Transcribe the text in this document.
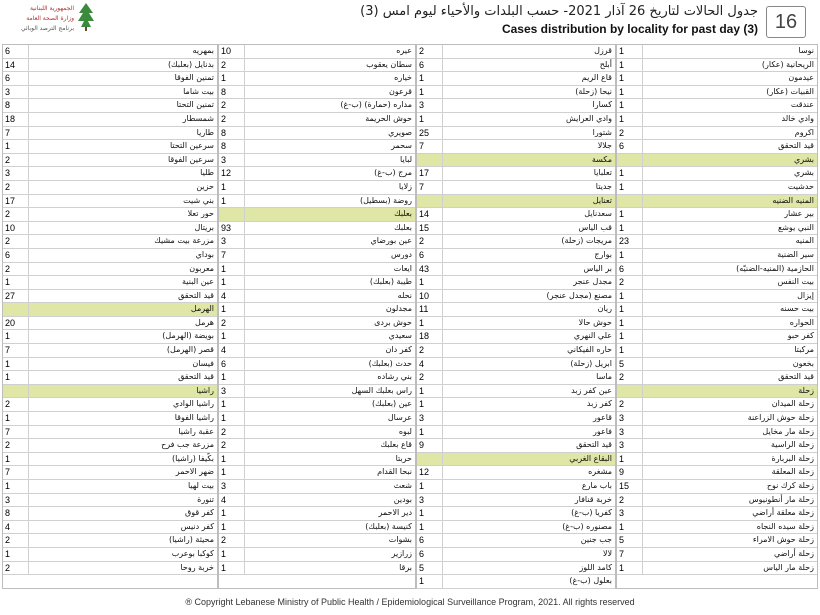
الجمهورية اللبنانية
وزارة الصحة العامة
برنامج الترصد الوبائي
جدول الحالات لتاريخ 26 آذار 2021- حسب البلدات والأحياء ليوم امس (3)
Cases distribution by locality for past day (3) 16
6	بمهريه
14	بدنايل (بعلبك)
6	تمنين الفوقا
3	بيت شاما
8	تمنين التحتا
18	شمسطار
7	طاريا
1	سرعين التحتا
2	سرعين الفوقا
3	طليا
2	حزين
17	بني شيت
2	حور تعلا
10	بريتال
2	مزرعة بيت مشيك
6	بوداي
2	معربون
1	عين البنية
27	قيد التحقق
الهرمل
20	هرمل
1	بويضة (الهرمل)
7	قصر (الهرمل)
1	فيسان
1	قيد التحقق
راشيا
2	راشيا الوادي
1	راشيا الفوقا
7	عقبة راشيا
2	مزرعة جب فرح
1	بكّيفا (راشيا)
7	ضهر الاحمر
1	بيت لهيا
3	تنورة
8	كفر قوق
4	كفر دنيس
2	محيثة (راشيا)
1	كوكبا بوعرب
2	خربة روحا
10	عيره
2	سطان يعقوب
1	خياره
8	قرعون
2	مداره (حمارة) (ب-غ)
2	حوش الحريمة
8	صويري
8	سحمر
3	لبايا
12	مرج (ب-غ)
1	زلايا
1	روضة (بسطيل)
بعلبك
93	بعلبك
3	عين بورضاي
7	دورس
1	ايعات
1	طيبة (بعلبك)
4	نحله
1	مجدلون
2	حوش بردى
1	سعيدي
4	كفر دان
6	حدث (بعلبك)
1	بني رشاده
3	راس بعلبك السهل
1	عين (بعلبك)
1	عرسال
2	لبوه
2	قاع بعلبك
1	حربتا
1	نبحا القدام
3	شعث
4	بودين
1	دير الاحمر
1	كنيسة (بعلبك)
2	بشوات
1	زرازير
1	برقا
2	قرزل
6	أبلح
1	قاع الريم
1	نيحا (زحلة)
3	كسارا
1	وادي العرايش
25	شتورا
7	جلالا
مكسة
17	تعلبايا
7	جديتا
تعنايل
14	سعدنايل
15	قب الياس
2	مريجات (زحلة)
6	بوارج
43	بر الياس
1	مجدل عنجر
10	مصنع (مجدل عنجر)
11	ريان
1	حوش حالا
18	علي النهري
2	حاره الفيكاني
4	ابريل (زحلة)
2	ماسا
1	عين كفر زبد
1	كفر زبد
3	قاعور
1	فاعور
9	قيد التحقق
البقاع الغربي
12	مشغره
1	باب مارع
3	خربة قنافار
1	كفريا (ب-غ)
1	مصنوره (ب-غ)
6	جب جنين
6	لالا
5	كامد اللوز
1	بعلول (ب-غ)
1	نوسا
1	الريحانية (عكار)
1	عيدمون
1	القبيات (عكار)
1	عندقت
1	وادي خالد
2	اكروم
6	قيد التحقق
بشري
1	بشري
1	حدشيت
المنيه الضنيه
1	بير عشار
1	النبي يوشع
23	المنيه
1	سير الضنية
6	الحازمية (المنيه-الضنيّه)
2	بيت النفس
1	إيزال
1	بيت حسنه
1	الحواره
1	كفر حبو
1	مركبتا
5	بخعون
2	قيد التحقق
زحلة
2	زحلة الميدان
3	زحلة حوش الزراعنة
3	زحلة مار مخايل
3	زحلة الراسية
1	زحلة البربارة
9	زحلة المعلقة
15	زحلة كرك نوح
2	زحلة مار أنطونيوس
3	زحلة معلقة أراضي
1	زحلة سيده النجاه
5	زحلة حوش الامراء
7	زحلة أراضي
1	زحلة مار الياس
® Copyright Lebanese Ministry of Public Health / Epidemiological Surveillance Program, 2021. All rights reserved
